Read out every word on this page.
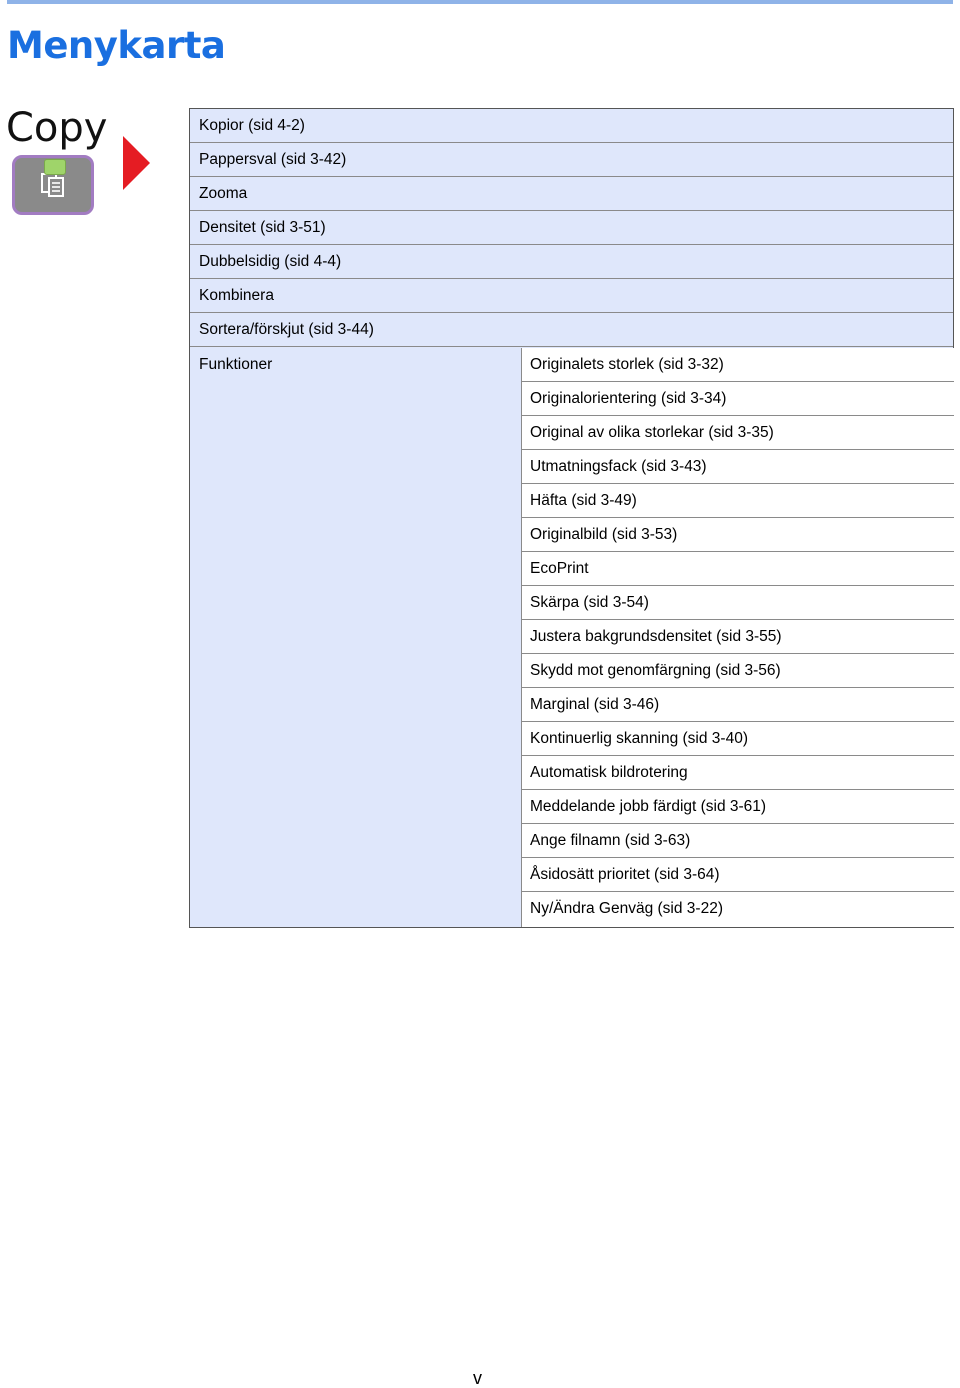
Menykarta
Copy	Kopior (sid 4-2)
Pappersval (sid 3-42)
Zooma
Densitet (sid 3-51)
Dubbelsidig (sid 4-4)
Kombinera
Sortera/förskjut (sid 3-44)
Funktioner	Originalets storlek (sid 3-32)
Originalorientering (sid 3-34)
Original av olika storlekar (sid 3-35)
Utmatningsfack (sid 3-43)
Häfta (sid 3-49)
Originalbild (sid 3-53)
EcoPrint
Skärpa (sid 3-54)
Justera bakgrundsdensitet (sid 3-55)
Skydd mot genomfärgning (sid 3-56)
Marginal (sid 3-46)
Kontinuerlig skanning (sid 3-40)
Automatisk bildrotering
Meddelande jobb färdigt (sid 3-61)
Ange filnamn (sid 3-63)
Åsidosätt prioritet (sid 3-64)
Ny/Ändra Genväg (sid 3-22)
v
